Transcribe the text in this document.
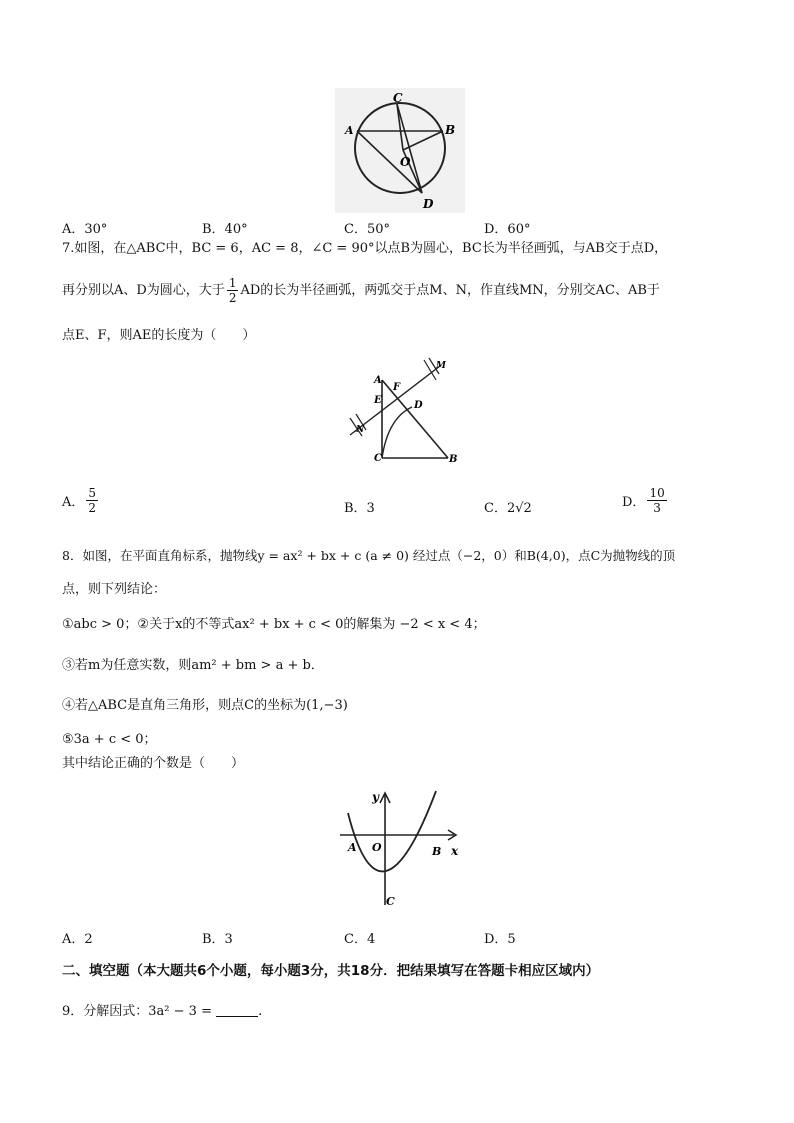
C
A	B
O
D
A．30°	B．40°	C．50°	D．60°
7.如图，在△ABC中，BC = 6，AC = 8，∠C = 90°以点B为圆心，BC长为半径画弧，与AB交于点D，
再分别以A、D为圆心，大于 $\frac{1}{2}$ AD的长为半径画弧，两弧交于点M、N，作直线MN，分别交AC、AB于
点E、F，则AE的长度为（　　）
A
F
E	D
C	B
M
N
A． $\frac{5}{2}$	B．3	C．2√2	D． $\frac{10}{3}$
8．如图，在平面直角标系，抛物线y = ax² + bx + c (a ≠ 0) 经过点（−2，0）和B(4,0)，点C为抛物线的顶
点，则下列结论：
①abc > 0；②关于x的不等式ax² + bx + c < 0的解集为 −2 < x < 4；
③若m为任意实数，则am² + bm > a + b．
④若△ABC是直角三角形，则点C的坐标为(1,−3)
⑤3a + c < 0；
其中结论正确的个数是（　　）
y
x
A O	B
C
A．2	B．3	C．4	D．5
二、填空题（本大题共6个小题，每小题3分，共18分．把结果填写在答题卡相应区域内）
9．分解因式：3a² − 3 =	.
